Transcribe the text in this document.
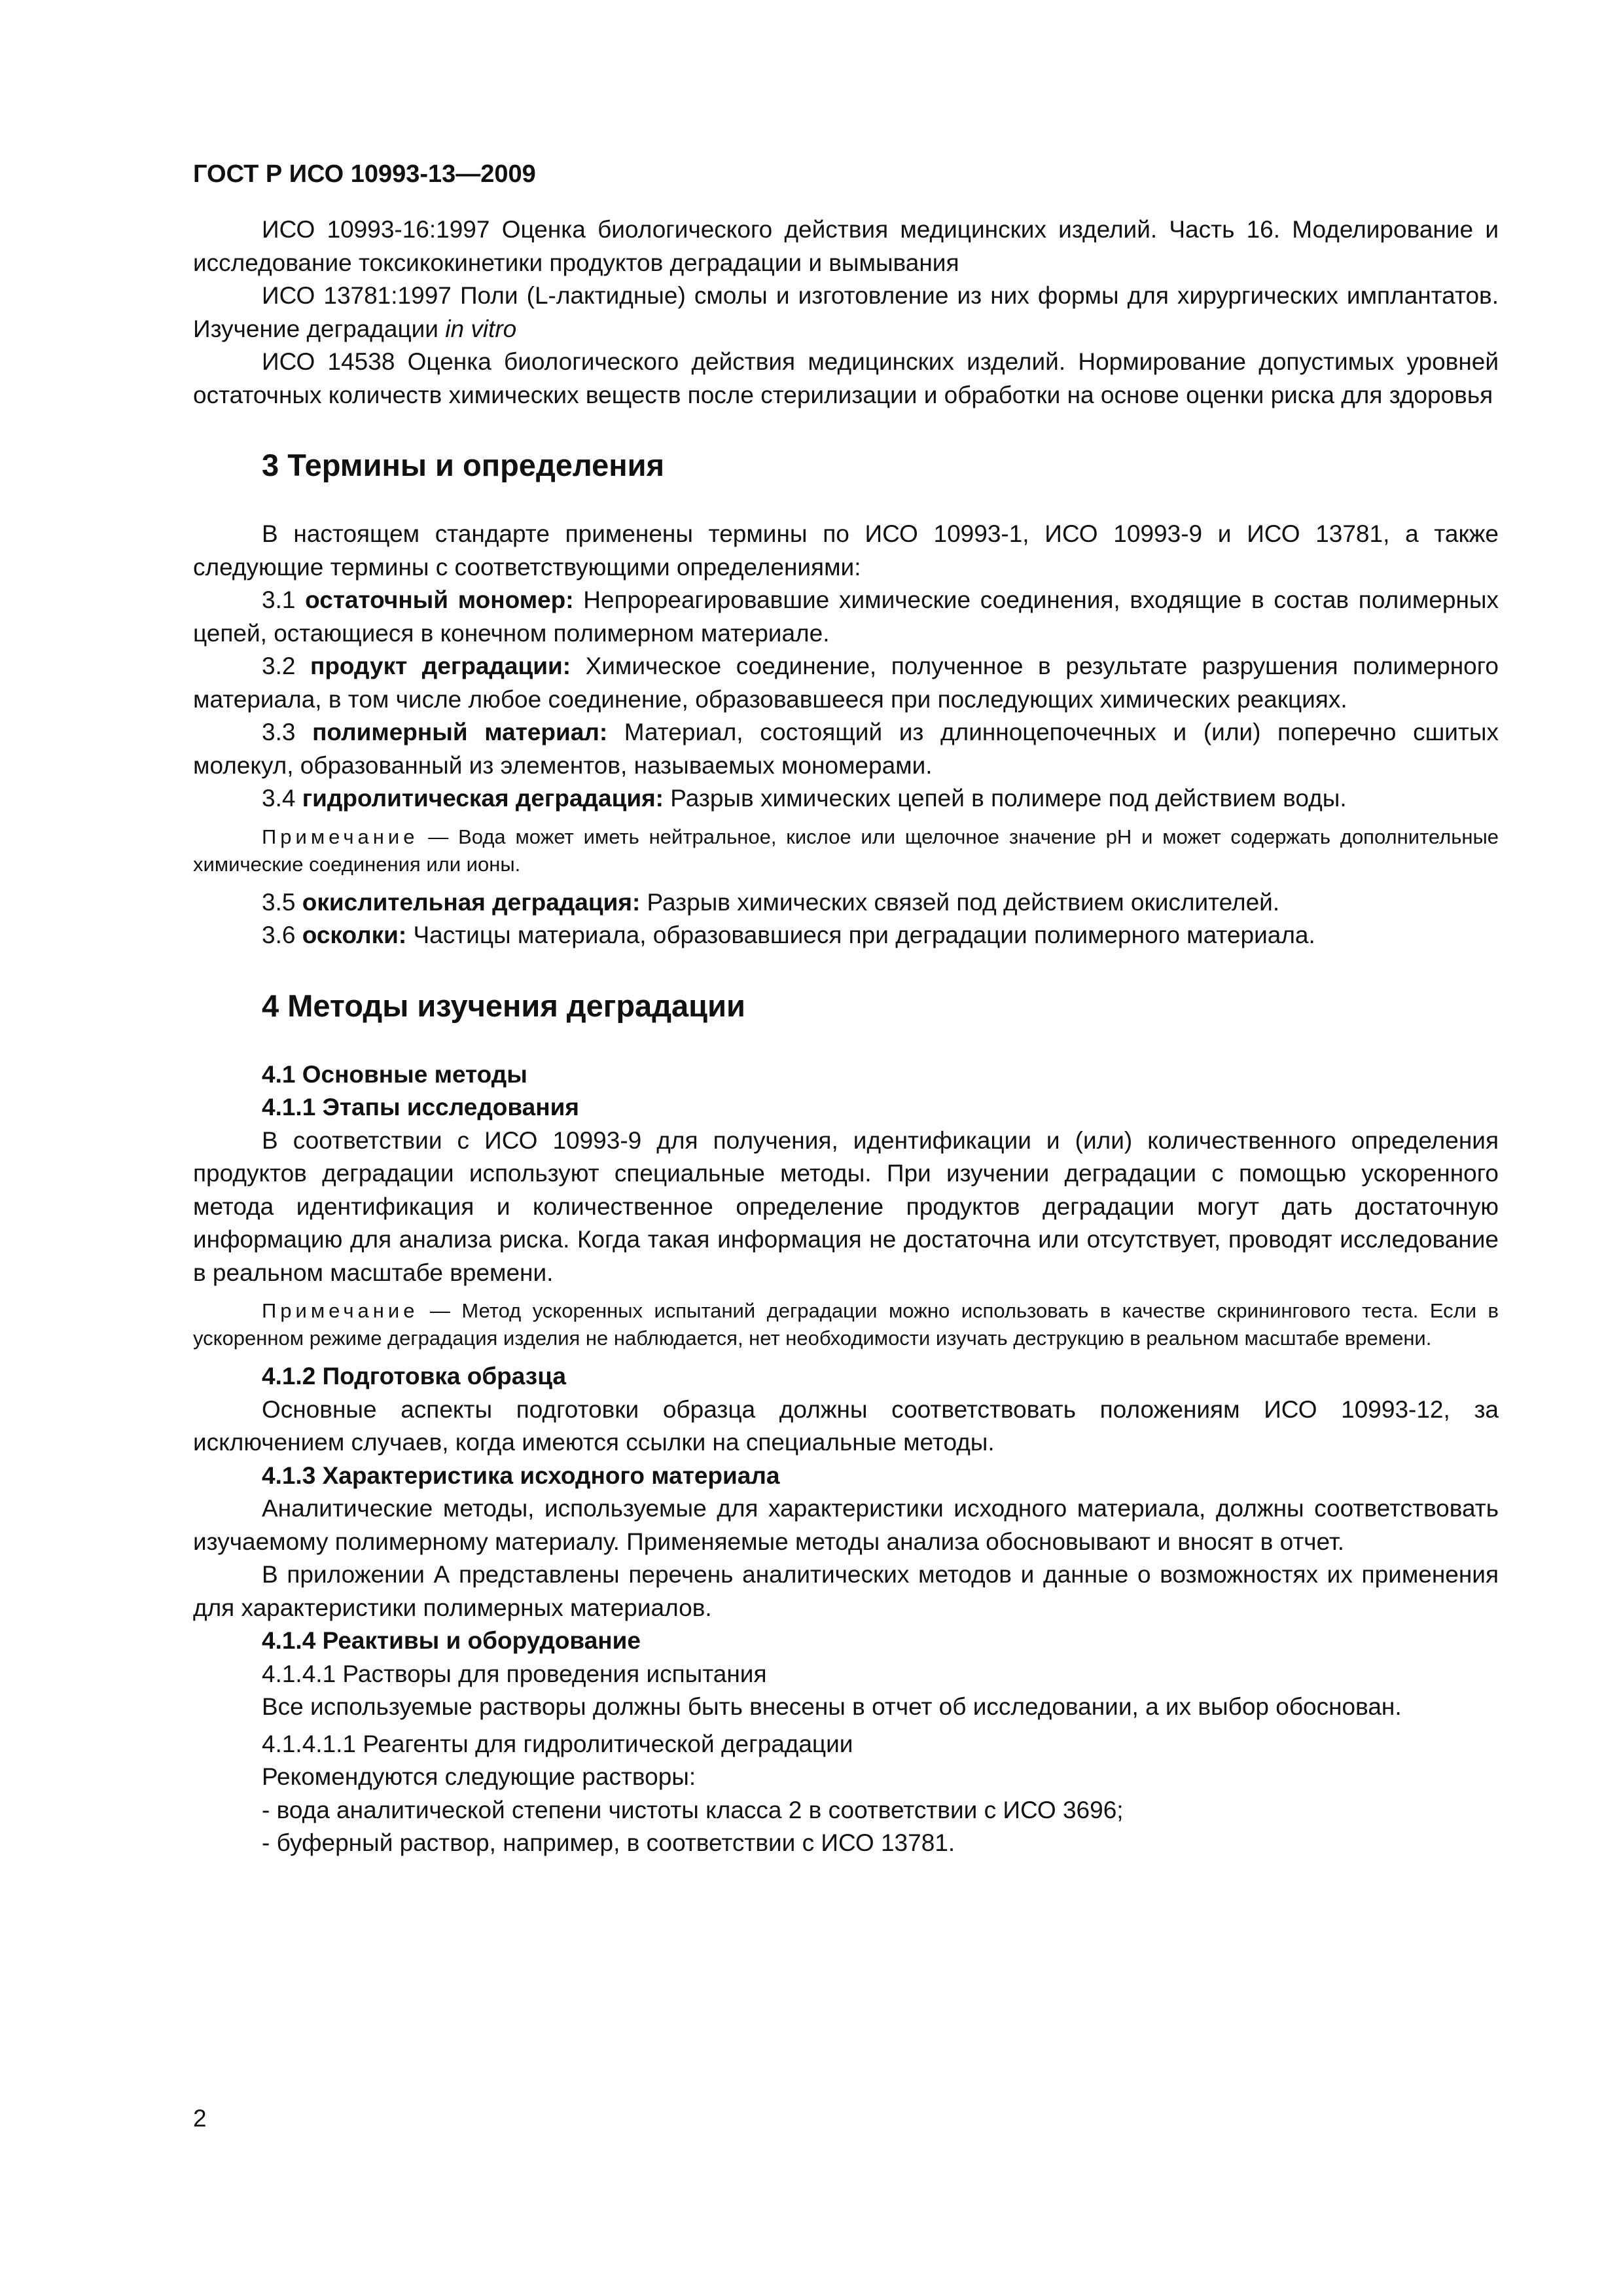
ГОСТ Р ИСО 10993-13—2009

ИСО 10993-16:1997 Оценка биологического действия медицинских изделий. Часть 16. Моделирование и исследование токсикокинетики продуктов деградации и вымывания

ИСО 13781:1997 Поли (L-лактидные) смолы и изготовление из них формы для хирургических имплантатов. Изучение деградации in vitro

ИСО 14538 Оценка биологического действия медицинских изделий. Нормирование допустимых уровней остаточных количеств химических веществ после стерилизации и обработки на основе оценки риска для здоровья

3 Термины и определения

В настоящем стандарте применены термины по ИСО 10993-1, ИСО 10993-9 и ИСО 13781, а также следующие термины с соответствующими определениями:

3.1 остаточный мономер: Непрореагировавшие химические соединения, входящие в состав полимерных цепей, остающиеся в конечном полимерном материале.

3.2 продукт деградации: Химическое соединение, полученное в результате разрушения полимерного материала, в том числе любое соединение, образовавшееся при последующих химических реакциях.

3.3 полимерный материал: Материал, состоящий из длинноцепочечных и (или) поперечно сшитых молекул, образованный из элементов, называемых мономерами.

3.4 гидролитическая деградация: Разрыв химических цепей в полимере под действием воды.

Примечание — Вода может иметь нейтральное, кислое или щелочное значение pH и может содержать дополнительные химические соединения или ионы.

3.5 окислительная деградация: Разрыв химических связей под действием окислителей.

3.6 осколки: Частицы материала, образовавшиеся при деградации полимерного материала.

4 Методы изучения деградации
4.1 Основные методы
4.1.1 Этапы исследования

В соответствии с ИСО 10993-9 для получения, идентификации и (или) количественного определения продуктов деградации используют специальные методы. При изучении деградации с помощью ускоренного метода идентификация и количественное определение продуктов деградации могут дать достаточную информацию для анализа риска. Когда такая информация не достаточна или отсутствует, проводят исследование в реальном масштабе времени.

Примечание — Метод ускоренных испытаний деградации можно использовать в качестве скринингового теста. Если в ускоренном режиме деградация изделия не наблюдается, нет необходимости изучать деструкцию в реальном масштабе времени.
4.1.2 Подготовка образца

Основные аспекты подготовки образца должны соответствовать положениям ИСО 10993-12, за исключением случаев, когда имеются ссылки на специальные методы.

4.1.3 Характеристика исходного материала

Аналитические методы, используемые для характеристики исходного материала, должны соответствовать изучаемому полимерному материалу. Применяемые методы анализа обосновывают и вносят в отчет.

В приложении А представлены перечень аналитических методов и данные о возможностях их применения для характеристики полимерных материалов.

4.1.4 Реактивы и оборудование

4.1.4.1 Растворы для проведения испытания

Все используемые растворы должны быть внесены в отчет об исследовании, а их выбор обоснован.

4.1.4.1.1 Реагенты для гидролитической деградации

Рекомендуются следующие растворы:

- вода аналитической степени чистоты класса 2 в соответствии с ИСО 3696;

- буферный раствор, например, в соответствии с ИСО 13781.

2
